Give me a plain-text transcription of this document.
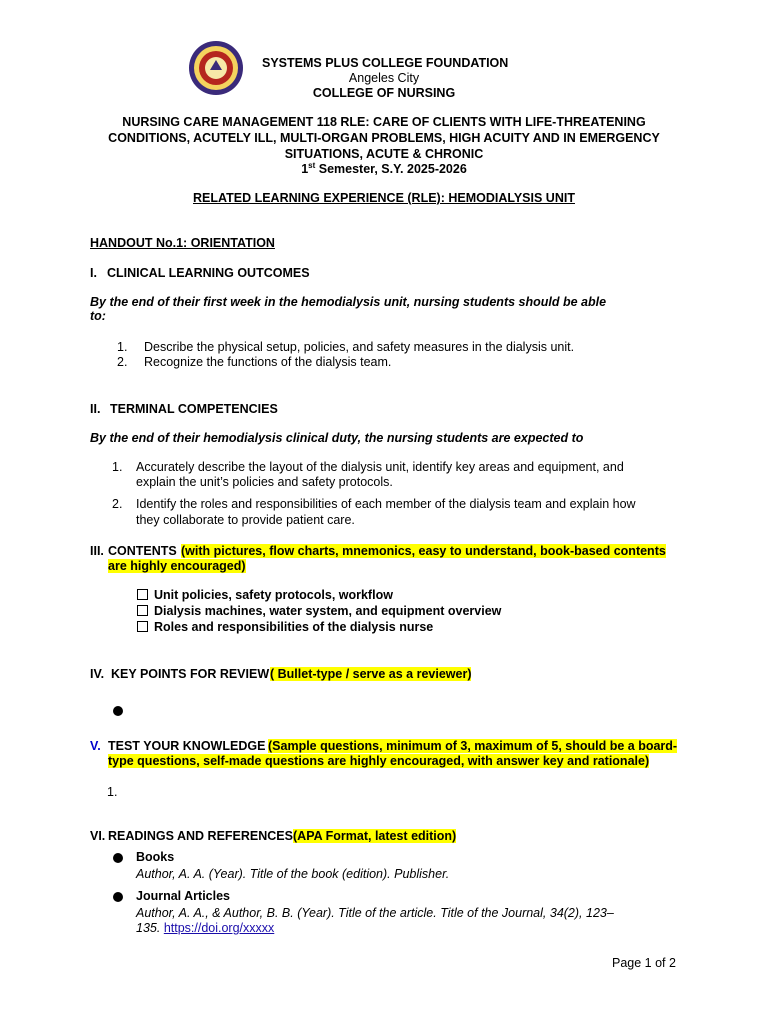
SYSTEMS PLUS COLLEGE FOUNDATION
Angeles City
COLLEGE OF NURSING
NURSING CARE MANAGEMENT 118 RLE: CARE OF CLIENTS WITH LIFE-THREATENING
CONDITIONS, ACUTELY ILL, MULTI-ORGAN PROBLEMS, HIGH ACUITY AND IN EMERGENCY
SITUATIONS, ACUTE & CHRONIC
1st Semester, S.Y. 2025-2026
RELATED LEARNING EXPERIENCE (RLE): HEMODIALYSIS UNIT
HANDOUT No.1: ORIENTATION
I. CLINICAL LEARNING OUTCOMES
By the end of their first week in the hemodialysis unit, nursing students should be able
to:
1. Describe the physical setup, policies, and safety measures in the dialysis unit.
2. Recognize the functions of the dialysis team.
II. TERMINAL COMPETENCIES
By the end of their hemodialysis clinical duty, the nursing students are expected to
1. Accurately describe the layout of the dialysis unit, identify key areas and equipment, and
explain the unit’s policies and safety protocols.
2. Identify the roles and responsibilities of each member of the dialysis team and explain how
they collaborate to provide patient care.
III. CONTENTS (with pictures, flow charts, mnemonics, easy to understand, book-based contents
are highly encouraged)
Unit policies, safety protocols, workflow
Dialysis machines, water system, and equipment overview
Roles and responsibilities of the dialysis nurse
IV. KEY POINTS FOR REVIEW ( Bullet-type / serve as a reviewer)
V. TEST YOUR KNOWLEDGE (Sample questions, minimum of 3, maximum of 5, should be a board-
type questions, self-made questions are highly encouraged, with answer key and rationale)
1.
VI. READINGS AND REFERENCES (APA Format, latest edition)
Books
Author, A. A. (Year). Title of the book (edition). Publisher.
Journal Articles
Author, A. A., & Author, B. B. (Year). Title of the article. Title of the Journal, 34(2), 123–
135. https://doi.org/xxxxx
Page 1 of 2
